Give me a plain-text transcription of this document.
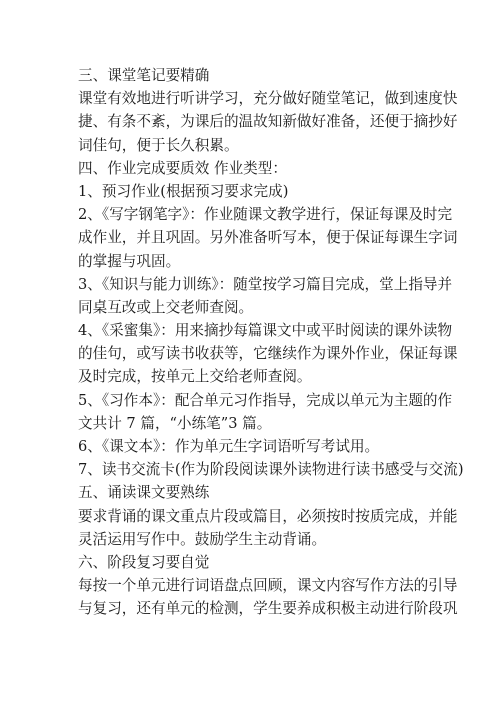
三、课堂笔记要精确
课堂有效地进行听讲学习，充分做好随堂笔记，做到速度快
捷、有条不紊，为课后的温故知新做好准备，还便于摘抄好
词佳句，便于长久积累。
四、作业完成要质效 作业类型：
1、预习作业(根据预习要求完成)
2、《写字钢笔字》：作业随课文教学进行，保证每课及时完
成作业，并且巩固。另外准备听写本，便于保证每课生字词
的掌握与巩固。
3、《知识与能力训练》：随堂按学习篇目完成，堂上指导并
同桌互改或上交老师查阅。
4、《采蜜集》：用来摘抄每篇课文中或平时阅读的课外读物
的佳句，或写读书收获等，它继续作为课外作业，保证每课
及时完成，按单元上交给老师查阅。
5、《习作本》：配合单元习作指导，完成以单元为主题的作
文共计 7 篇，“小练笔”3 篇。
6、《课文本》：作为单元生字词语听写考试用。
7、读书交流卡(作为阶段阅读课外读物进行读书感受与交流)
五、诵读课文要熟练
要求背诵的课文重点片段或篇目，必须按时按质完成，并能
灵活运用写作中。鼓励学生主动背诵。
六、阶段复习要自觉
每按一个单元进行词语盘点回顾，课文内容写作方法的引导
与复习，还有单元的检测，学生要养成积极主动进行阶段巩
